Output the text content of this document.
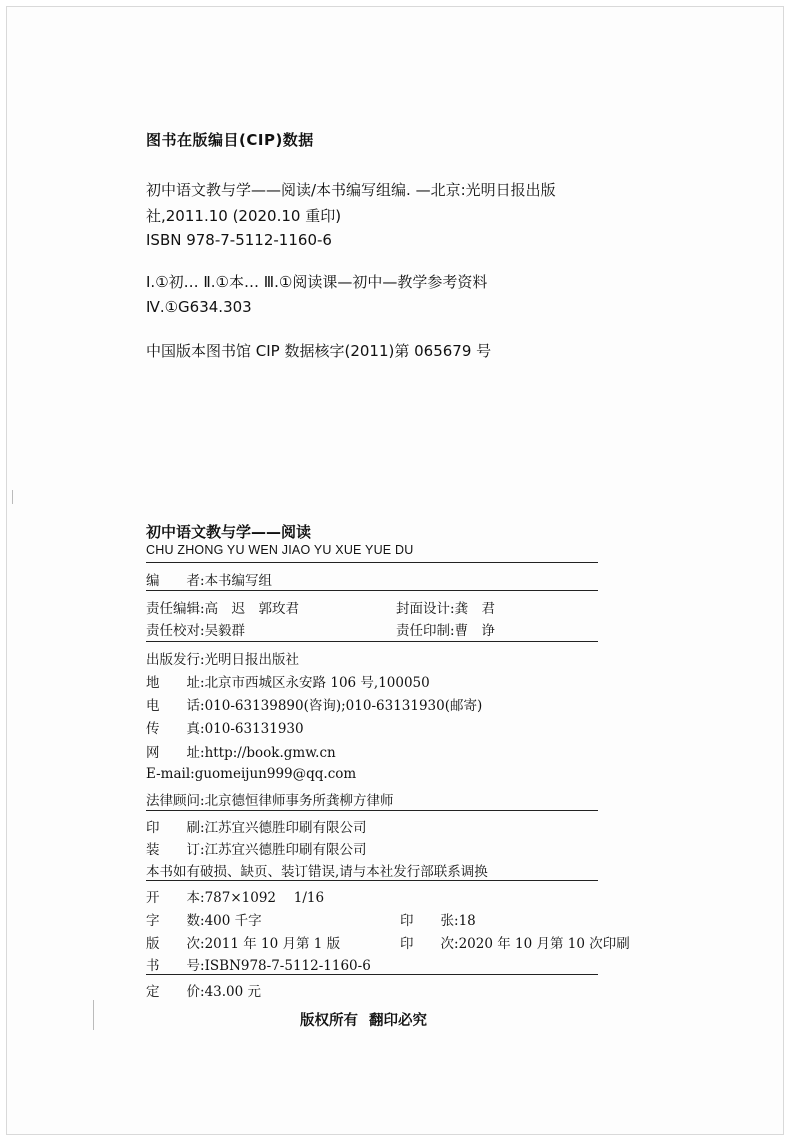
图书在版编目(CIP)数据
初中语文教与学——阅读/本书编写组编. —北京:光明日报出版
社,2011.10 (2020.10 重印)
ISBN 978-7-5112-1160-6
Ⅰ.①初… Ⅱ.①本… Ⅲ.①阅读课—初中—教学参考资料
Ⅳ.①G634.303
中国版本图书馆 CIP 数据核字(2011)第 065679 号
初中语文教与学——阅读
CHU ZHONG YU WEN JIAO YU XUE YUE DU
编　　者:本书编写组
责任编辑:高　迟　郭玫君	封面设计:龚　君
责任校对:吴毅群	责任印制:曹　诤
出版发行:光明日报出版社
地　　址:北京市西城区永安路 106 号,100050
电　　话:010-63139890(咨询);010-63131930(邮寄)
传　　真:010-63131930
网　　址:http://book.gmw.cn
E-mail:guomeijun999@qq.com
法律顾问:北京德恒律师事务所龚柳方律师
印　　刷:江苏宜兴德胜印刷有限公司
装　　订:江苏宜兴德胜印刷有限公司
本书如有破损、缺页、装订错误,请与本社发行部联系调换
开　　本:787×1092　 1/16
字　　数:400 千字	印　　张:18
版　　次:2011 年 10 月第 1 版	印　　次:2020 年 10 月第 10 次印刷
书　　号:ISBN978-7-5112-1160-6
定　　价:43.00 元
版权所有 翻印必究
